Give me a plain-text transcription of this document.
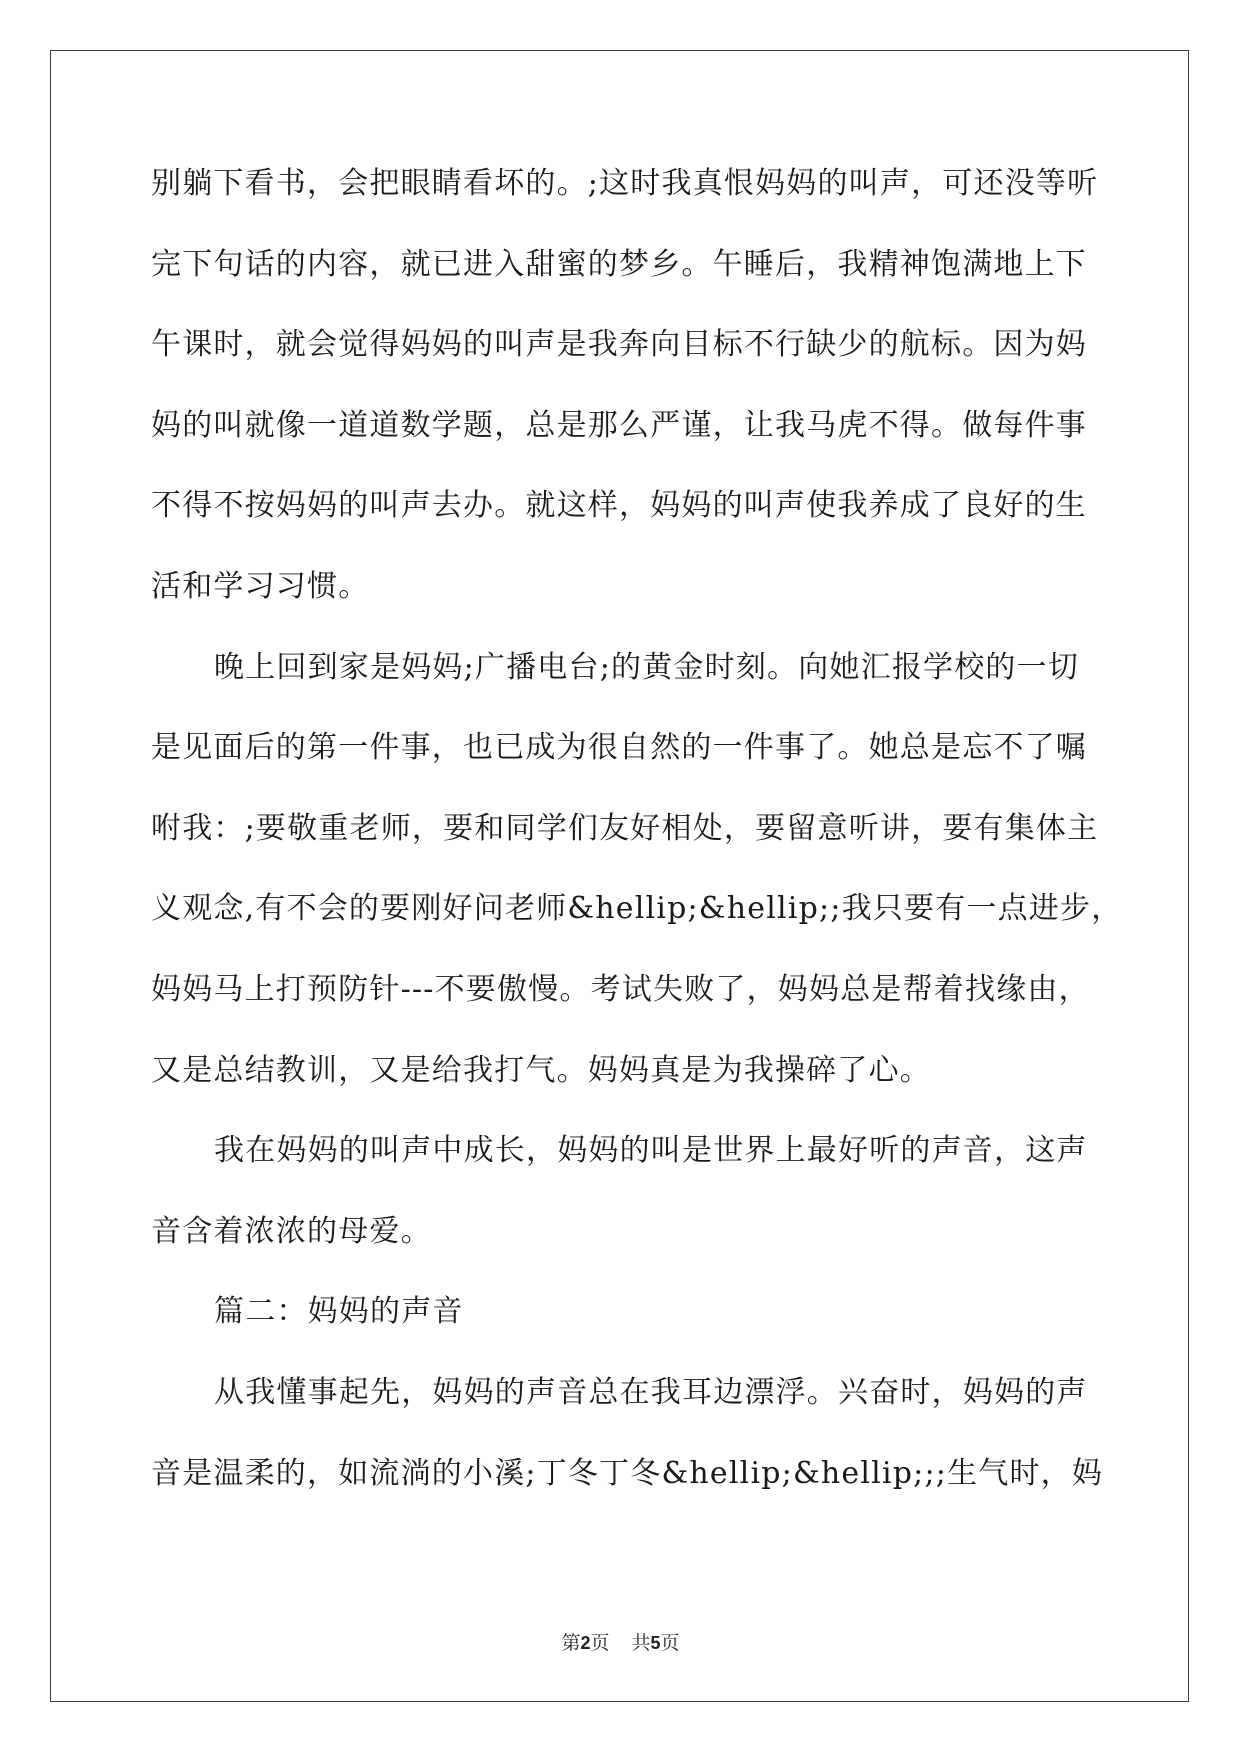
别躺下看书，会把眼睛看坏的。;这时我真恨妈妈的叫声，可还没等听
完下句话的内容，就已进入甜蜜的梦乡。午睡后，我精神饱满地上下
午课时，就会觉得妈妈的叫声是我奔向目标不行缺少的航标。因为妈
妈的叫就像一道道数学题，总是那么严谨，让我马虎不得。做每件事
不得不按妈妈的叫声去办。就这样，妈妈的叫声使我养成了良好的生
活和学习习惯。
晚上回到家是妈妈;广播电台;的黄金时刻。向她汇报学校的一切
是见面后的第一件事，也已成为很自然的一件事了。她总是忘不了嘱
咐我：;要敬重老师，要和同学们友好相处，要留意听讲，要有集体主
义观念,有不会的要刚好问老师&hellip;&hellip;;我只要有一点进步，
妈妈马上打预防针---不要傲慢。考试失败了，妈妈总是帮着找缘由，
又是总结教训，又是给我打气。妈妈真是为我操碎了心。
我在妈妈的叫声中成长，妈妈的叫是世界上最好听的声音，这声
音含着浓浓的母爱。
篇二：妈妈的声音
从我懂事起先，妈妈的声音总在我耳边漂浮。兴奋时，妈妈的声
音是温柔的，如流淌的小溪;丁冬丁冬&hellip;&hellip;;;生气时，妈
第2页 共5页
